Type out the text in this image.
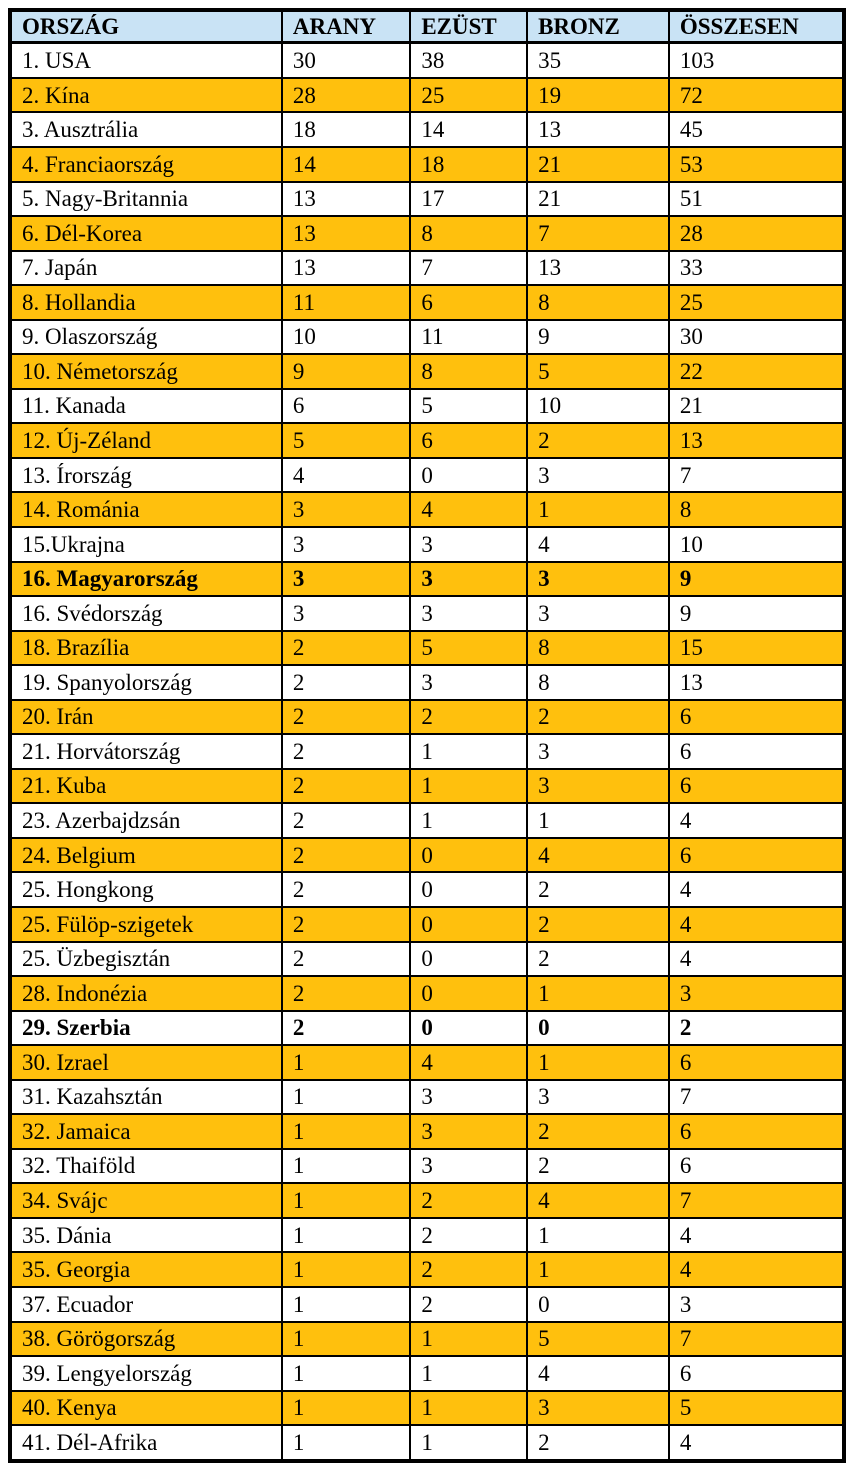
ORSZÁG	ARANY	EZÜST	BRONZ	ÖSSZESEN
1. USA	30	38	35	103
2. Kína	28	25	19	72
3. Ausztrália	18	14	13	45
4. Franciaország	14	18	21	53
5. Nagy-Britannia	13	17	21	51
6. Dél-Korea	13	8	7	28
7. Japán	13	7	13	33
8. Hollandia	11	6	8	25
9. Olaszország	10	11	9	30
10. Németország	9	8	5	22
11. Kanada	6	5	10	21
12. Új-Zéland	5	6	2	13
13. Írország	4	0	3	7
14. Románia	3	4	1	8
15.Ukrajna	3	3	4	10
16. Magyarország	3	3	3	9
16. Svédország	3	3	3	9
18. Brazília	2	5	8	15
19. Spanyolország	2	3	8	13
20. Irán	2	2	2	6
21. Horvátország	2	1	3	6
21. Kuba	2	1	3	6
23. Azerbajdzsán	2	1	1	4
24. Belgium	2	0	4	6
25. Hongkong	2	0	2	4
25. Fülöp-szigetek	2	0	2	4
25. Üzbegisztán	2	0	2	4
28. Indonézia	2	0	1	3
29. Szerbia	2	0	0	2
30. Izrael	1	4	1	6
31. Kazahsztán	1	3	3	7
32. Jamaica	1	3	2	6
32. Thaiföld	1	3	2	6
34. Svájc	1	2	4	7
35. Dánia	1	2	1	4
35. Georgia	1	2	1	4
37. Ecuador	1	2	0	3
38. Görögország	1	1	5	7
39. Lengyelország	1	1	4	6
40. Kenya	1	1	3	5
41. Dél-Afrika	1	1	2	4
